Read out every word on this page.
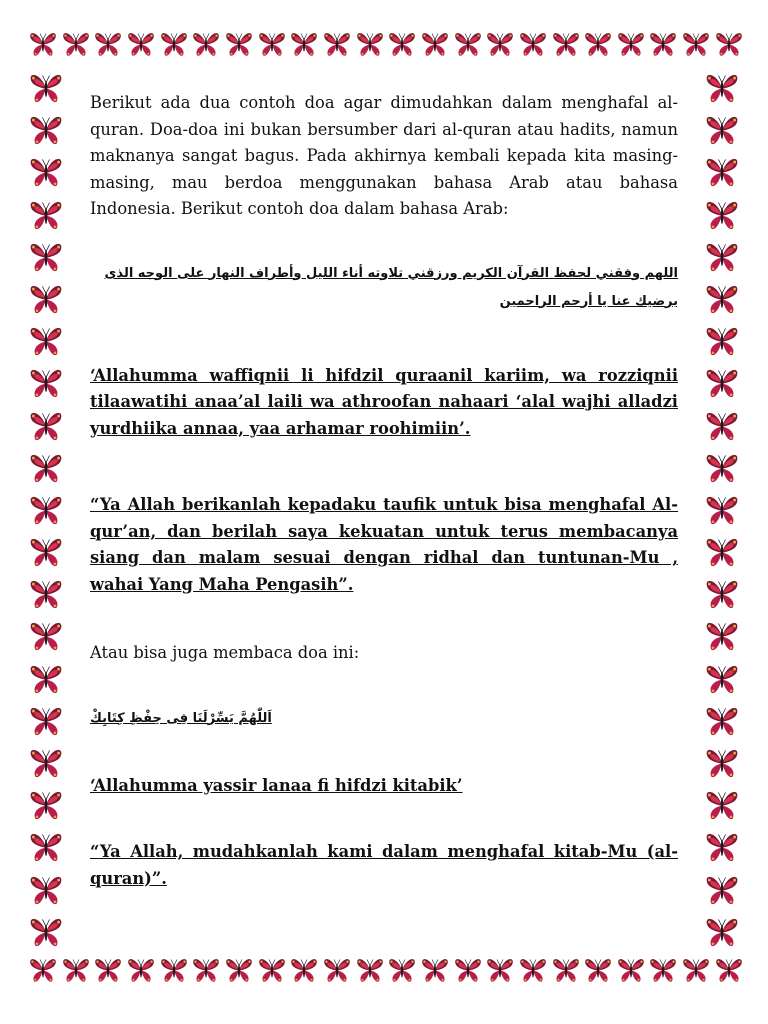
Berikut ada dua contoh doa agar dimudahkan dalam menghafal al-quran. Doa-doa ini bukan bersumber dari al-quran atau hadits, namun maknanya sangat bagus. Pada akhirnya kembali kepada kita masing-masing, mau berdoa menggunakan bahasa Arab atau bahasa Indonesia. Berikut contoh doa dalam bahasa Arab:

اللهم وفقني لحفظ القرآن الكريم ورزقني تلاوته أناء الليل وأطراف النهار على الوجه الذى يرضيك عنا يا أرحم الراحمين

‘Allahumma waffiqnii li hifdzil quraanil kariim, wa rozziqnii tilaawatihi anaa’al laili wa athroofan nahaari ‘alal wajhi alladzi yurdhiika annaa, yaa arhamar roohimiin’.

“Ya Allah berikanlah kepadaku taufik untuk bisa menghafal Al-qur’an, dan berilah saya kekuatan untuk terus membacanya siang dan malam sesuai dengan ridhal dan tuntunan-Mu , wahai Yang Maha Pengasih”.

Atau bisa juga membaca doa ini:

اَللّٰهُمَّ يَسِّرْلَنَا فِى حِفْظِ كِتَابِكْ

‘Allahumma yassir lanaa fi hifdzi kitabik’

“Ya Allah, mudahkanlah kami dalam menghafal kitab-Mu (al-quran)”.
